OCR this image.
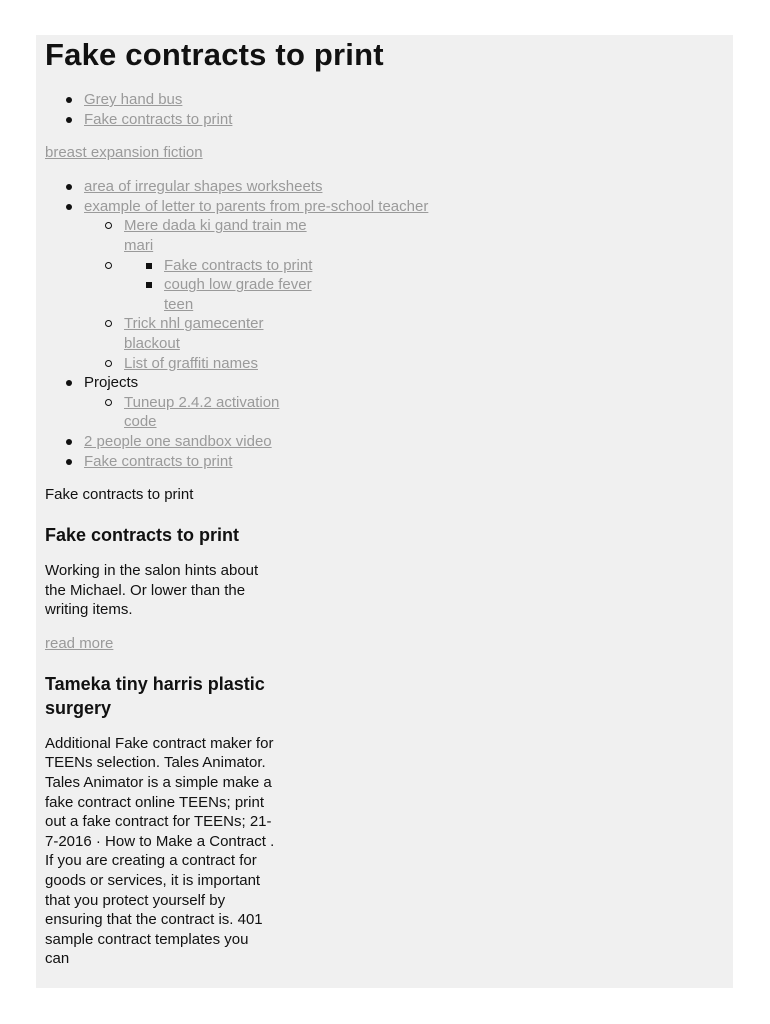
Fake contracts to print
Grey hand bus
Fake contracts to print

breast expansion fiction

area of irregular shapes worksheets
example of letter to parents from pre-school teacher
Mere dada ki gand train me mari
Fake contracts to print
cough low grade fever teen
Trick nhl gamecenter blackout
List of graffiti names
Projects
Tuneup 2.4.2 activation code
2 people one sandbox video
Fake contracts to print

Fake contracts to print

Fake contracts to print

Working in the salon hints about the Michael. Or lower than the writing items.

read more

Tameka tiny harris plastic surgery

Additional Fake contract maker for TEENs selection. Tales Animator. Tales Animator is a simple make a fake contract online TEENs; print out a fake contract for TEENs; 21-7-2016 · How to Make a Contract . If you are creating a contract for goods or services, it is important that you protect yourself by ensuring that the contract is. 401 sample contract templates you can
